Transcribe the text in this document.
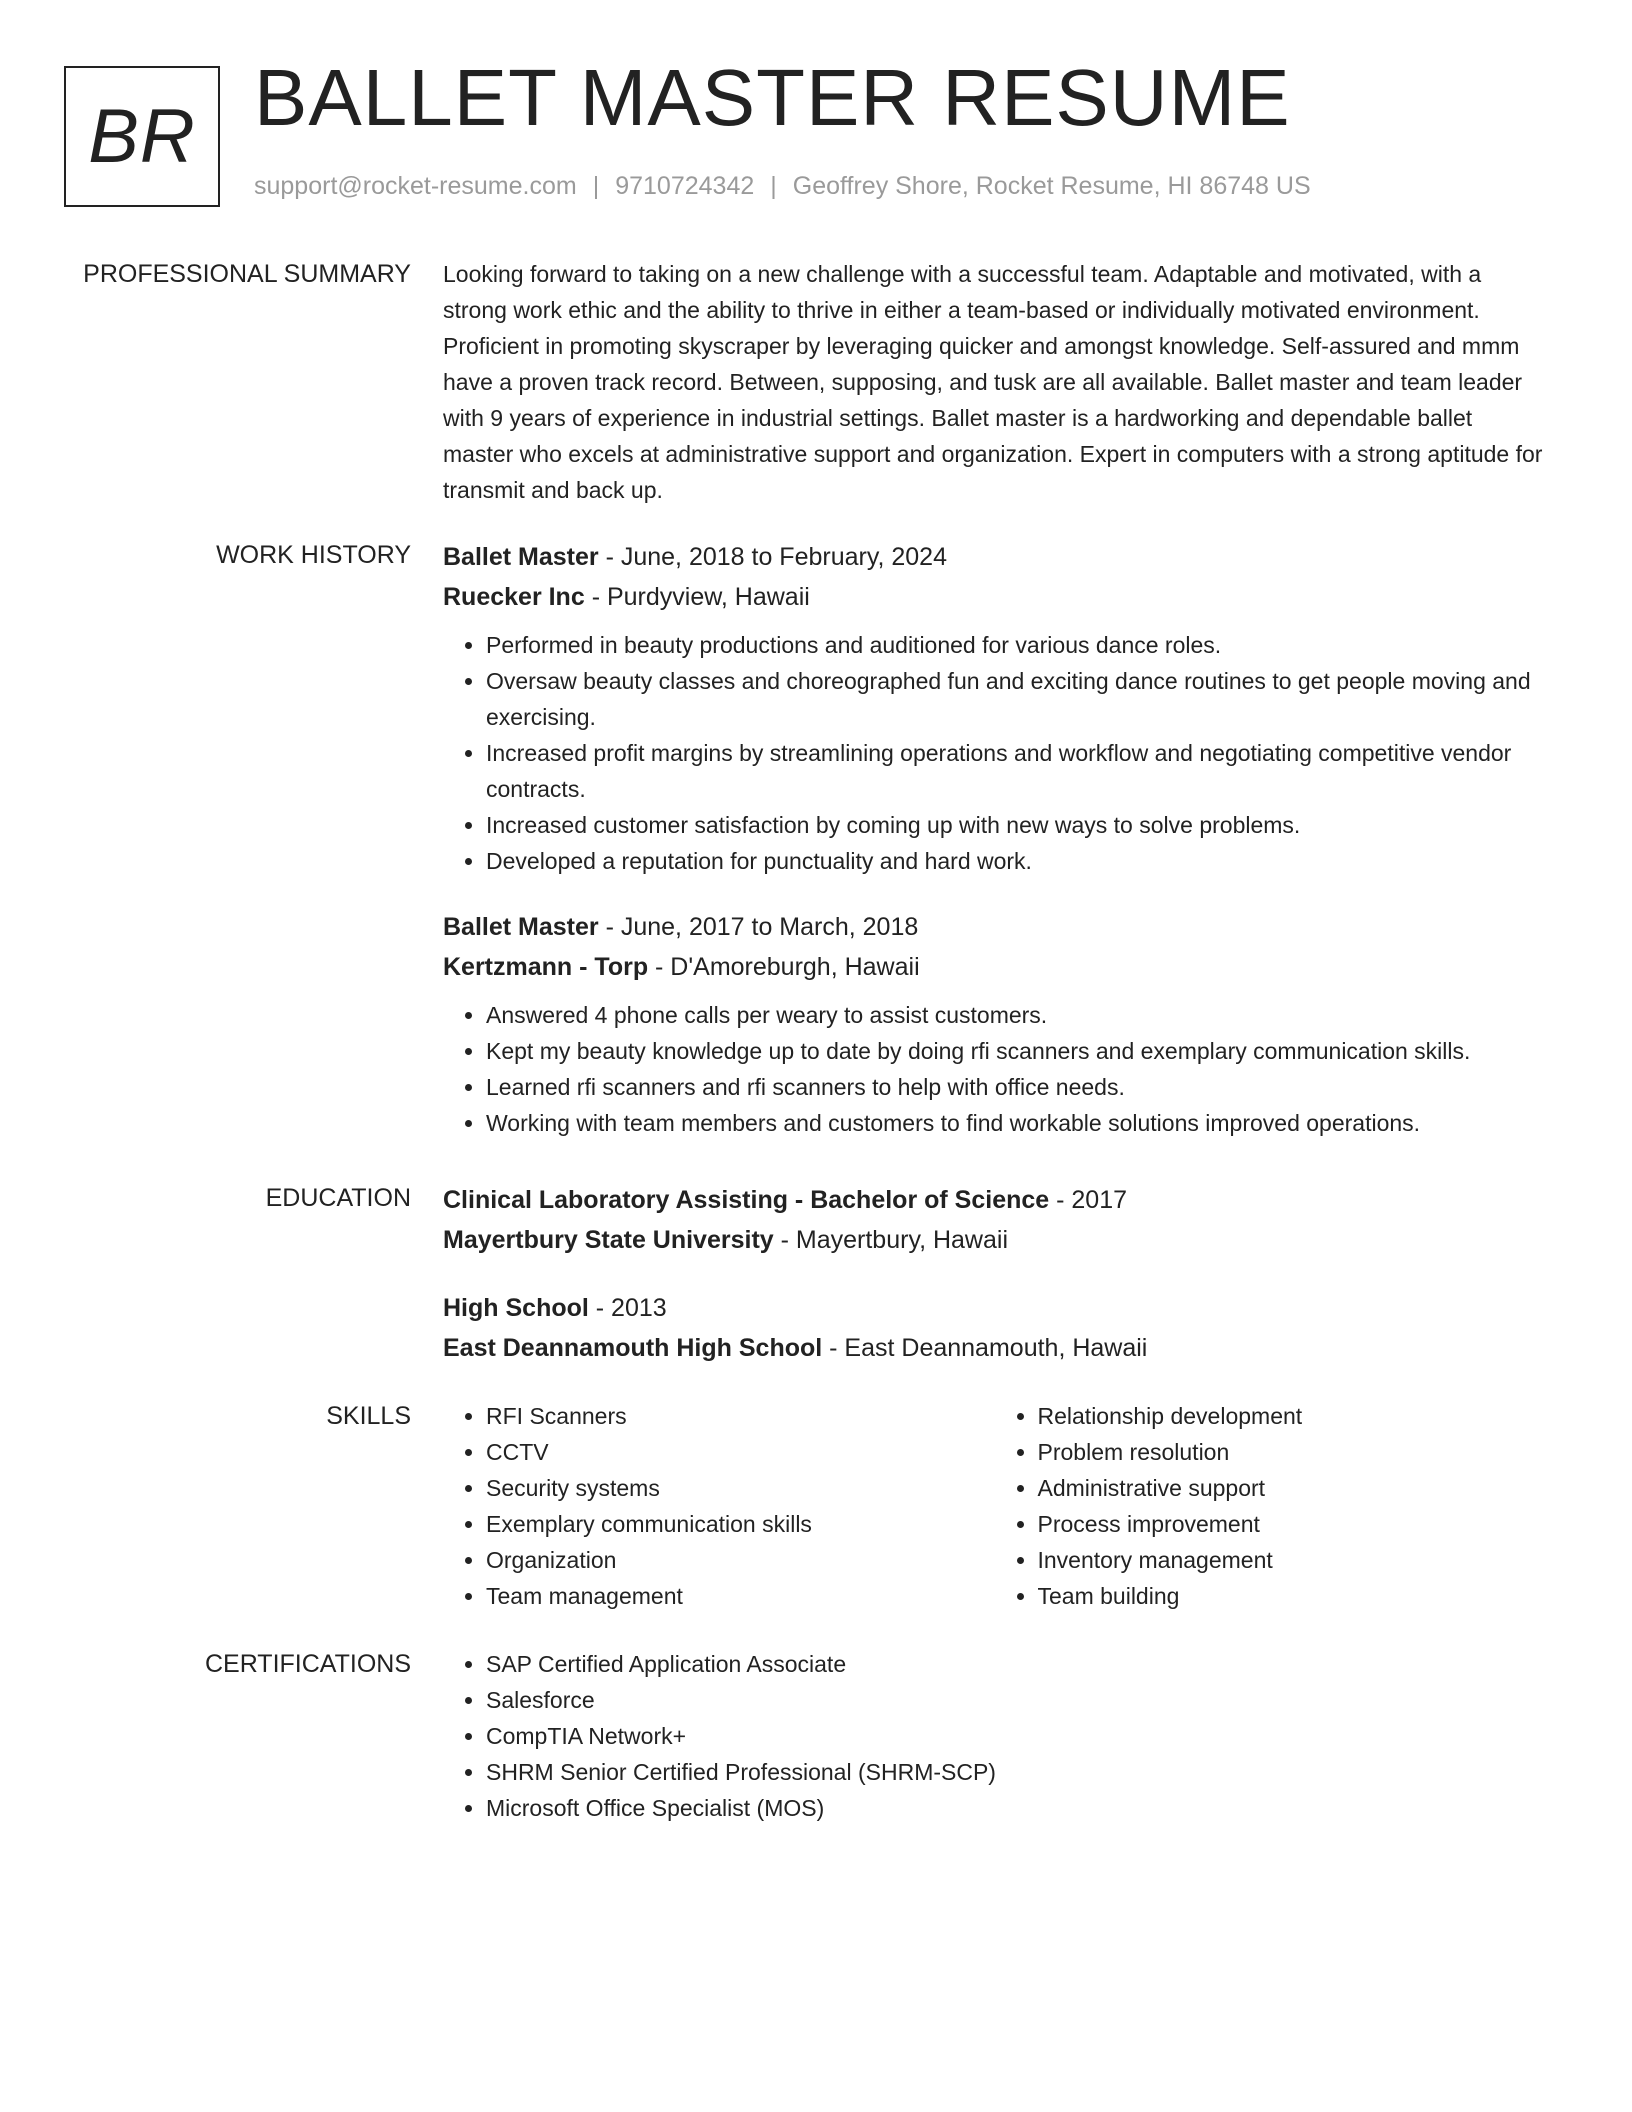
BR BALLET MASTER RESUME
support@rocket-resume.com | 9710724342 | Geoffrey Shore, Rocket Resume, HI 86748 US
PROFESSIONAL SUMMARY Looking forward to taking on a new challenge with a successful team. Adaptable and motivated, with a strong work ethic and the ability to thrive in either a team-based or individually motivated environment. Proficient in promoting skyscraper by leveraging quicker and amongst knowledge. Self-assured and mmm have a proven track record. Between, supposing, and tusk are all available. Ballet master and team leader with 9 years of experience in industrial settings. Ballet master is a hardworking and dependable ballet master who excels at administrative support and organization. Expert in computers with a strong aptitude for transmit and back up.

WORK HISTORY Ballet Master - June, 2018 to February, 2024

Ruecker Inc - Purdyview, Hawaii

• Performed in beauty productions and auditioned for various dance roles.
• Oversaw beauty classes and choreographed fun and exciting dance routines to get people moving and exercising.
• Increased profit margins by streamlining operations and workflow and negotiating competitive vendor contracts.
• Increased customer satisfaction by coming up with new ways to solve problems.
• Developed a reputation for punctuality and hard work.

Ballet Master - June, 2017 to March, 2018

Kertzmann - Torp - D'Amoreburgh, Hawaii

• Answered 4 phone calls per weary to assist customers.
• Kept my beauty knowledge up to date by doing rfi scanners and exemplary communication skills.
• Learned rfi scanners and rfi scanners to help with office needs.
• Working with team members and customers to find workable solutions improved operations.
EDUCATION Clinical Laboratory Assisting - Bachelor of Science - 2017

Mayertbury State University - Mayertbury, Hawaii

High School - 2013

East Deannamouth High School - East Deannamouth, Hawaii

SKILLS	• RFI Scanners
• CCTV
• Security systems
• Exemplary communication skills
• Organization
• Team management
• Relationship development
• Problem resolution
• Administrative support
• Process improvement
• Inventory management
• Team building
CERTIFICATIONS	• SAP Certified Application Associate
• Salesforce
• CompTIA Network+
• SHRM Senior Certified Professional (SHRM-SCP)
• Microsoft Office Specialist (MOS)
